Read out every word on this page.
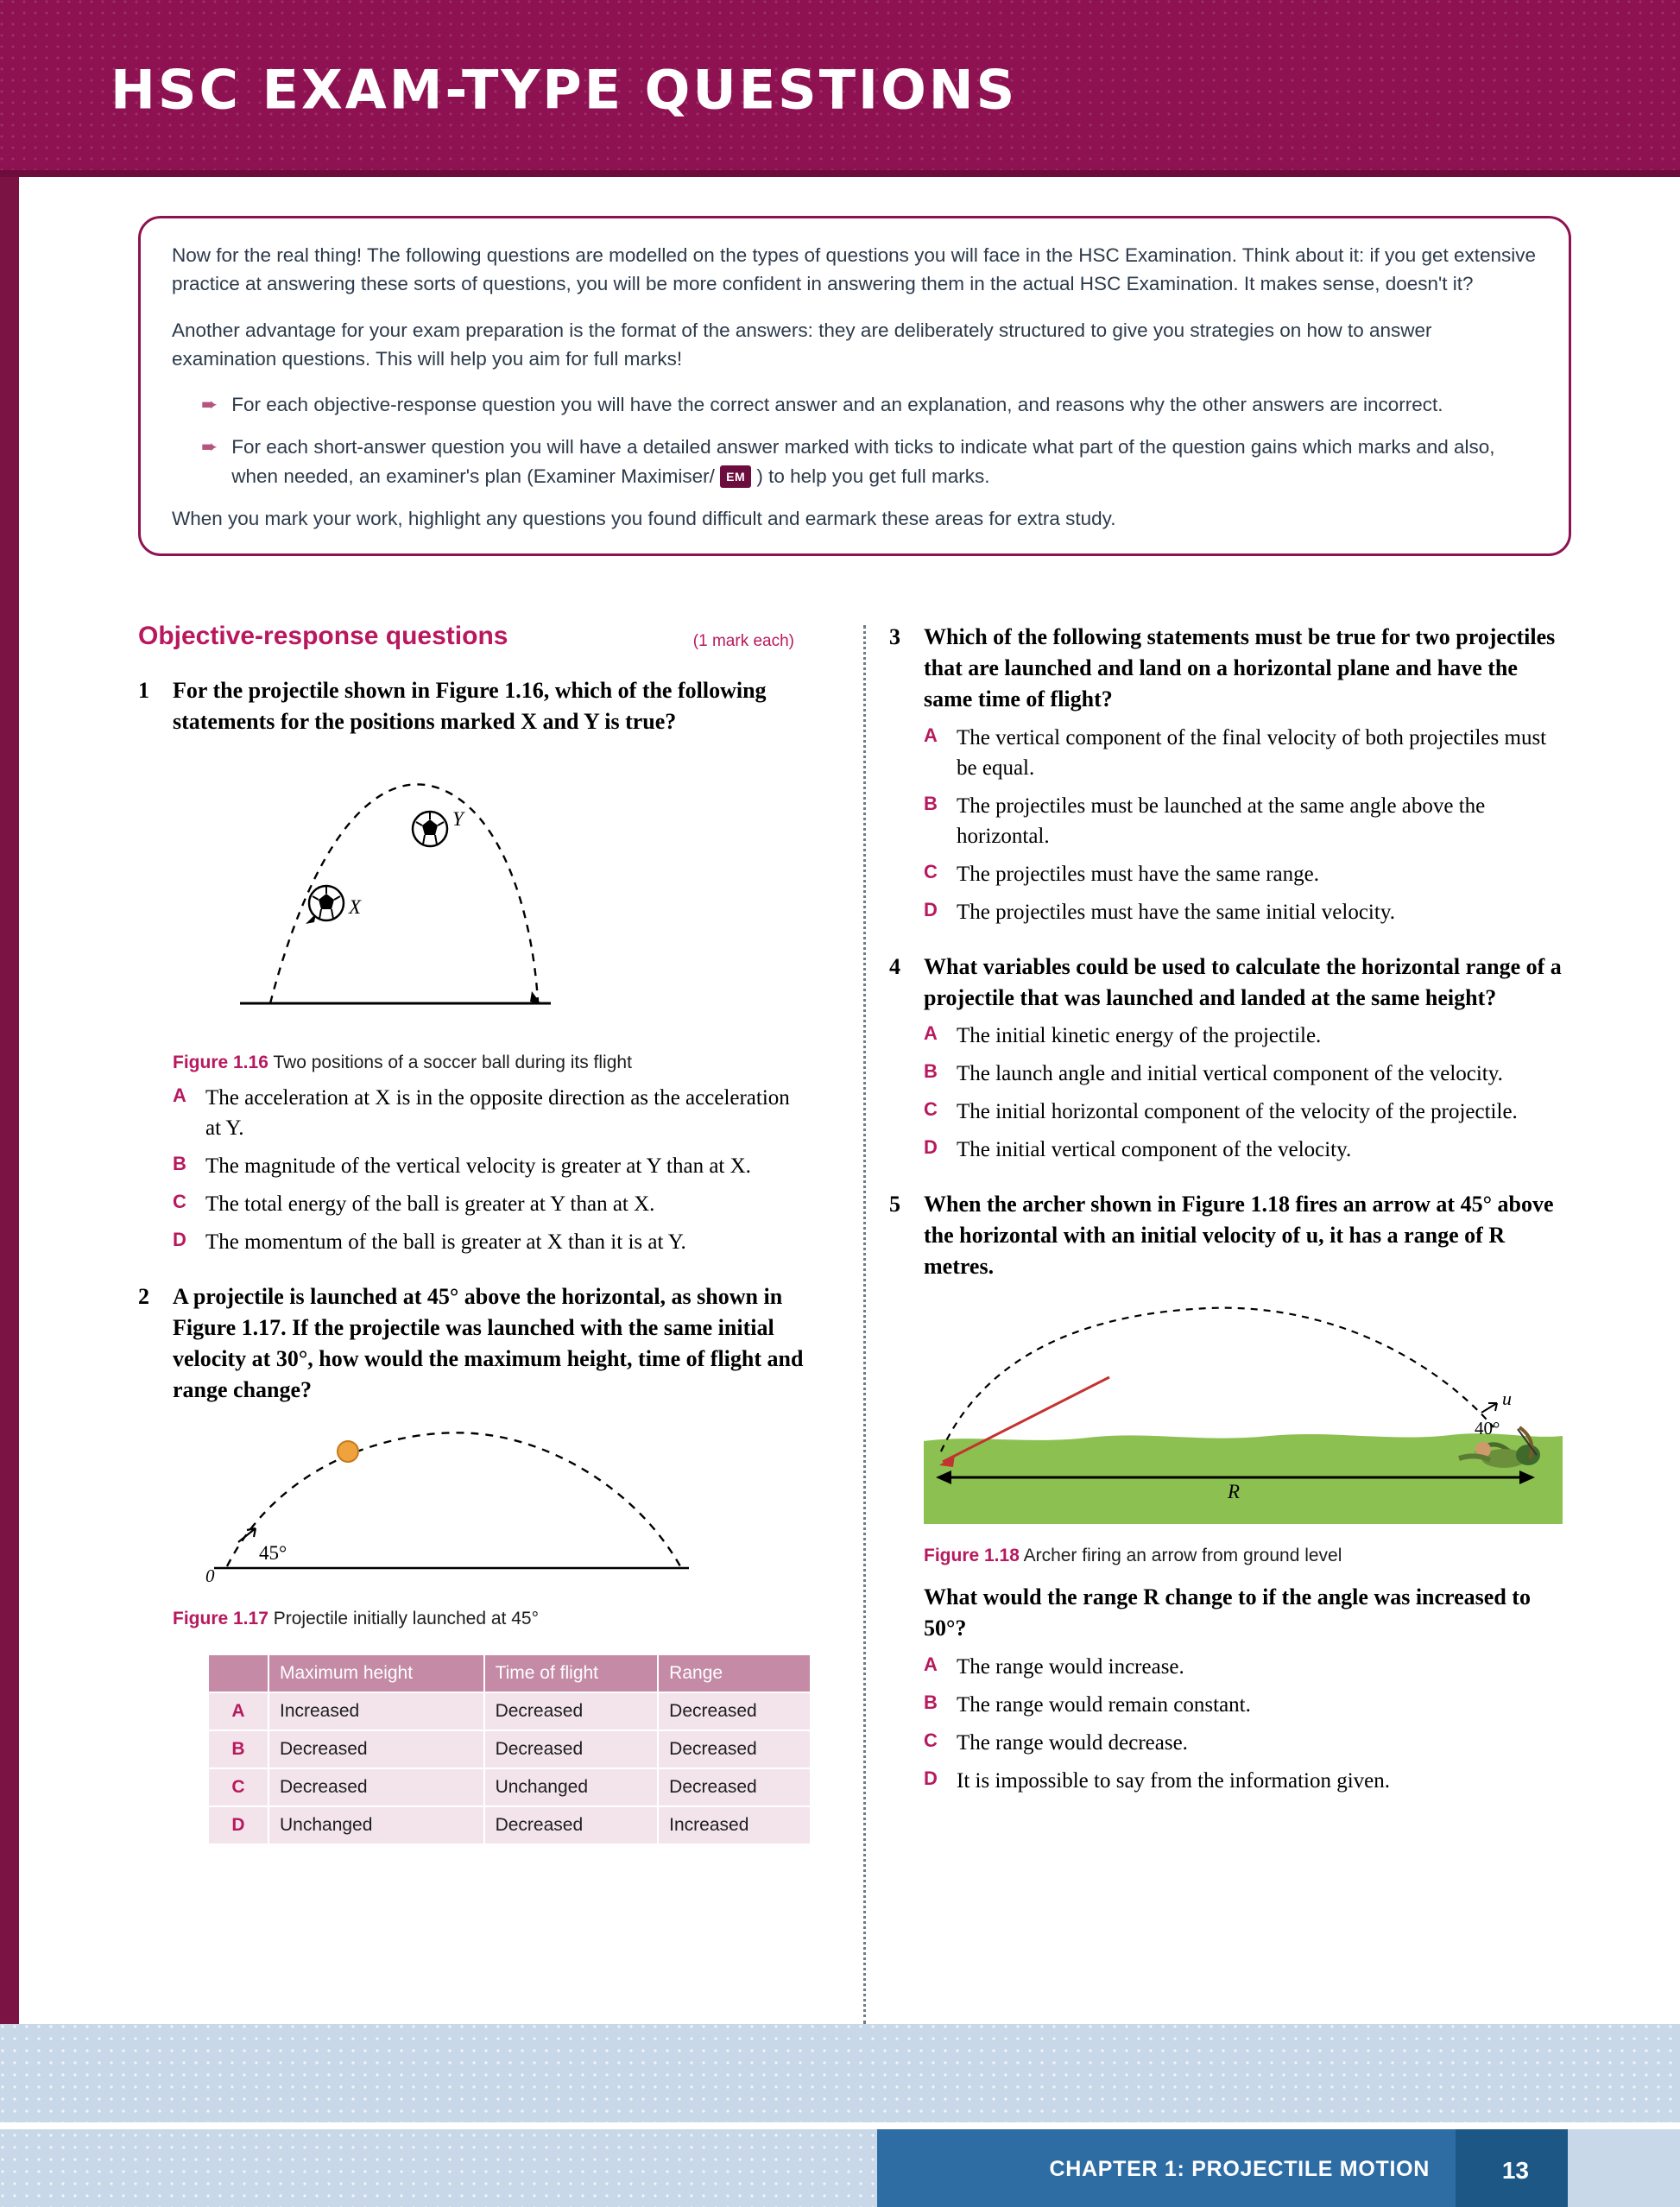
HSC EXAM-TYPE QUESTIONS

Now for the real thing! The following questions are modelled on the types of questions you will face in the HSC Examination. Think about it: if you get extensive practice at answering these sorts of questions, you will be more confident in answering them in the actual HSC Examination. It makes sense, doesn't it?

Another advantage for your exam preparation is the format of the answers: they are deliberately structured to give you strategies on how to answer examination questions. This will help you aim for full marks!

➨ For each objective-response question you will have the correct answer and an explanation, and reasons why the other answers are incorrect.
➨ For each short-answer question you will have a detailed answer marked with ticks to indicate what part of the question gains which marks and also, when needed, an examiner's plan (Examiner Maximiser/ EM ) to help you get full marks.

When you mark your work, highlight any questions you found difficult and earmark these areas for extra study.

Objective-response questions	(1 mark each)
1	For the projectile shown in Figure 1.16, which of the following statements for the positions marked X and Y is true?

X
Y
Figure 1.16 Two positions of a soccer ball during its flight
A The acceleration at X is in the opposite direction as the acceleration at Y.
B The magnitude of the vertical velocity is greater at Y than at X.
C The total energy of the ball is greater at Y than at X.
D The momentum of the ball is greater at X than it is at Y.
2	A projectile is launched at 45° above the horizontal, as shown in Figure 1.17. If the projectile was launched with the same initial velocity at 30°, how would the maximum height, time of flight and range change?

45°
0
Figure 1.17 Projectile initially launched at 45°
	Maximum height	Time of flight	Range
A	Increased	Decreased	Decreased
B	Decreased	Decreased	Decreased
C	Decreased	Unchanged	Decreased
D	Unchanged	Decreased	Increased
3	Which of the following statements must be true for two projectiles that are launched and land on a horizontal plane and have the same time of flight?

A The vertical component of the final velocity of both projectiles must be equal.
B The projectiles must be launched at the same angle above the horizontal.
C The projectiles must have the same range.
D The projectiles must have the same initial velocity.
4	What variables could be used to calculate the horizontal range of a projectile that was launched and landed at the same height?

A The initial kinetic energy of the projectile.
B The launch angle and initial vertical component of the velocity.
C The initial horizontal component of the velocity of the projectile.
D The initial vertical component of the velocity.
5	When the archer shown in Figure 1.18 fires an arrow at 45° above the horizontal with an initial velocity of u, it has a range of R metres.

u
40°
R
Figure 1.18 Archer firing an arrow from ground level

What would the range R change to if the angle was increased to 50°?

A The range would increase.
B The range would remain constant.
C The range would decrease.
D It is impossible to say from the information given.
CHAPTER 1: PROJECTILE MOTION	13
